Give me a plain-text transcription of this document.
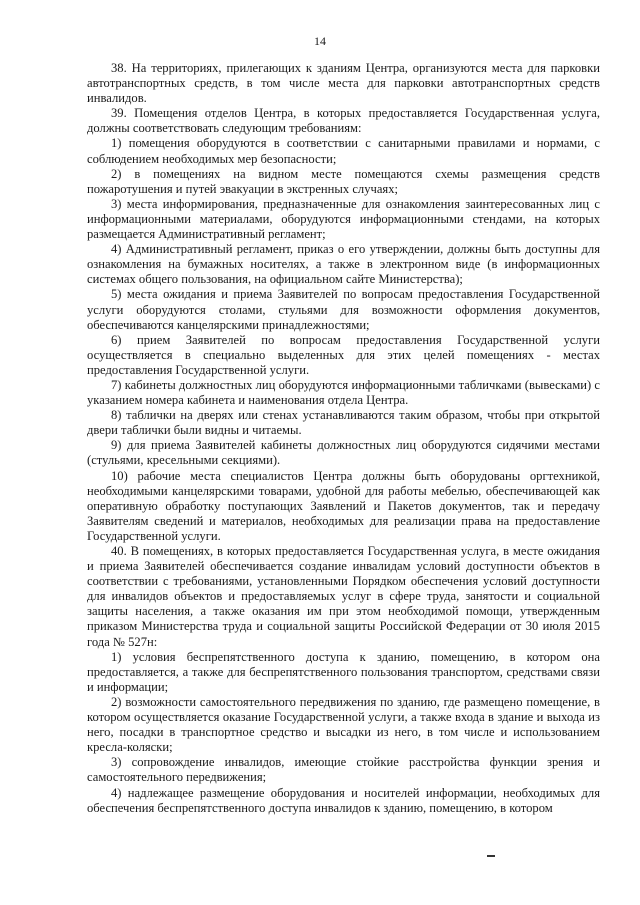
14

38. На территориях, прилегающих к зданиям Центра, организуются места для парковки автотранспортных средств, в том числе места для парковки автотранспортных средств инвалидов.

39. Помещения отделов Центра, в которых предоставляется Государственная услуга, должны соответствовать следующим требованиям:

1) помещения оборудуются в соответствии с санитарными правилами и нормами, с соблюдением необходимых мер безопасности;

2) в помещениях на видном месте помещаются схемы размещения средств пожаротушения и путей эвакуации в экстренных случаях;

3) места информирования, предназначенные для ознакомления заинтересованных лиц с информационными материалами, оборудуются информационными стендами, на которых размещается Административный регламент;

4) Административный регламент, приказ о его утверждении, должны быть доступны для ознакомления на бумажных носителях, а также в электронном виде (в информационных системах общего пользования, на официальном сайте Министерства);

5) места ожидания и приема Заявителей по вопросам предоставления Государственной услуги оборудуются столами, стульями для возможности оформления документов, обеспечиваются канцелярскими принадлежностями;

6) прием Заявителей по вопросам предоставления Государственной услуги осуществляется в специально выделенных для этих целей помещениях - местах предоставления Государственной услуги.

7) кабинеты должностных лиц оборудуются информационными табличками (вывесками) с указанием номера кабинета и наименования отдела Центра.

8) таблички на дверях или стенах устанавливаются таким образом, чтобы при открытой двери таблички были видны и читаемы.

9) для приема Заявителей кабинеты должностных лиц оборудуются сидячими местами (стульями, кресельными секциями).

10) рабочие места специалистов Центра должны быть оборудованы оргтехникой, необходимыми канцелярскими товарами, удобной для работы мебелью, обеспечивающей как оперативную обработку поступающих Заявлений и Пакетов документов, так и передачу Заявителям сведений и материалов, необходимых для реализации права на предоставление Государственной услуги.

40. В помещениях, в которых предоставляется Государственная услуга, в месте ожидания и приема Заявителей обеспечивается создание инвалидам условий доступности объектов в соответствии с требованиями, установленными Порядком обеспечения условий доступности для инвалидов объектов и предоставляемых услуг в сфере труда, занятости и социальной защиты населения, а также оказания им при этом необходимой помощи, утвержденным приказом Министерства труда и социальной защиты Российской Федерации от 30 июля 2015 года № 527н:

1) условия беспрепятственного доступа к зданию, помещению, в котором она предоставляется, а также для беспрепятственного пользования транспортом, средствами связи и информации;

2) возможности самостоятельного передвижения по зданию, где размещено помещение, в котором осуществляется оказание Государственной услуги, а также входа в здание и выхода из него, посадки в транспортное средство и высадки из него, в том числе и использованием кресла-коляски;

3) сопровождение инвалидов, имеющие стойкие расстройства функции зрения и самостоятельного передвижения;

4) надлежащее размещение оборудования и носителей информации, необходимых для обеспечения беспрепятственного доступа инвалидов к зданию, помещению, в котором
